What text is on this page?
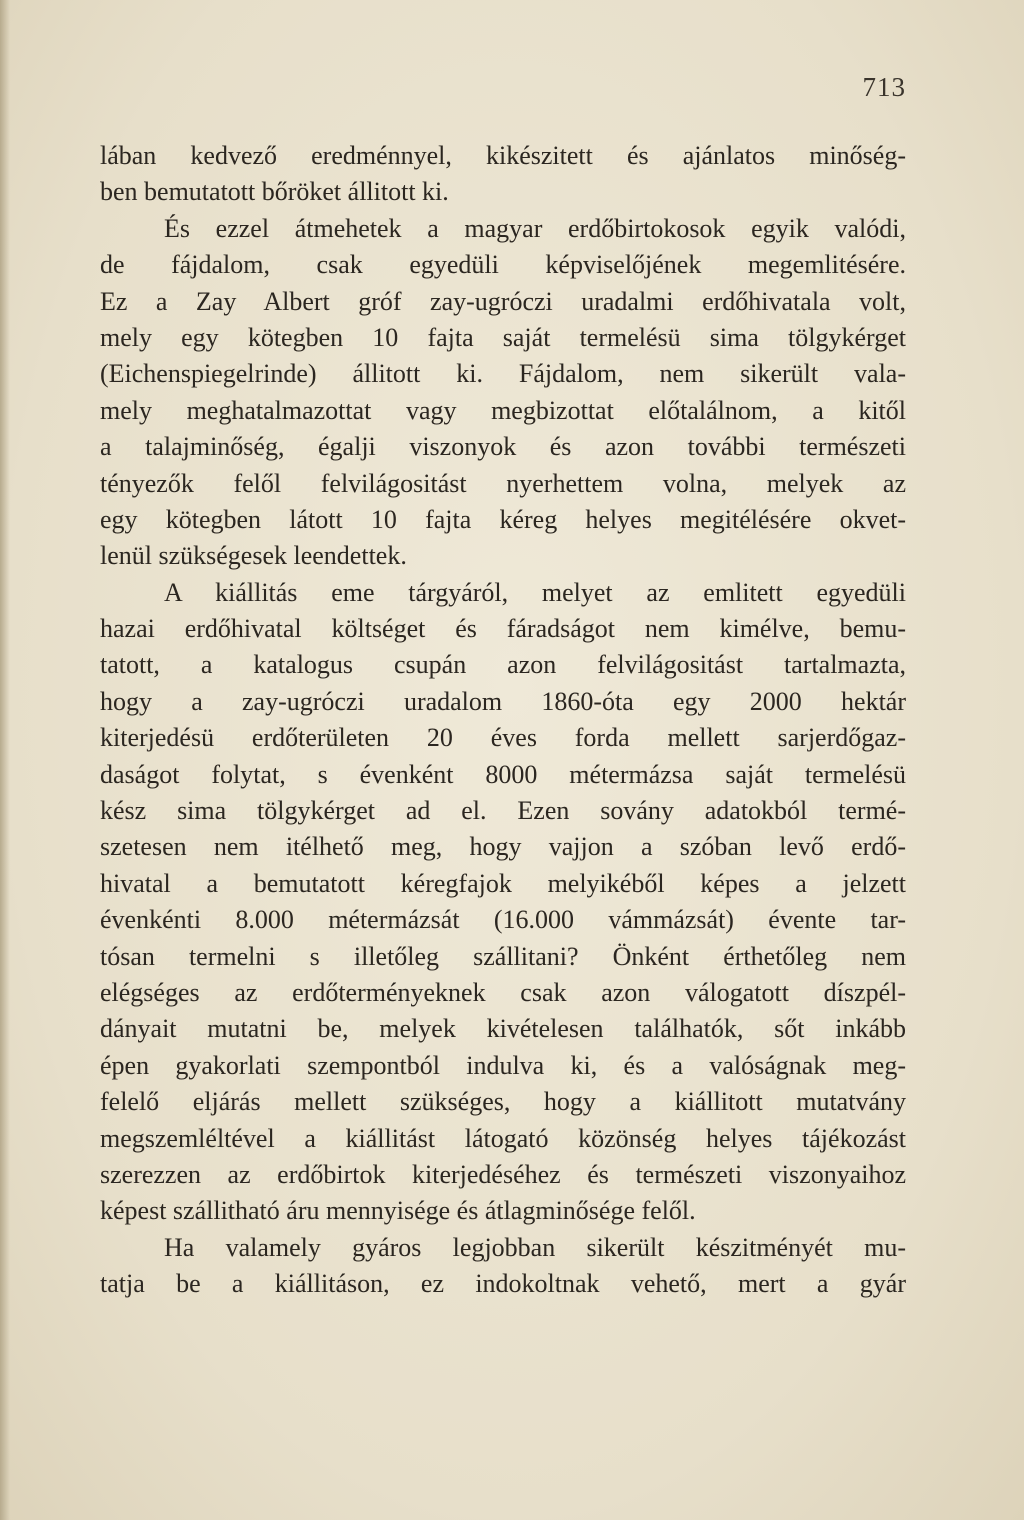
713
lában kedvező eredménnyel, kikészitett és ajánlatos minőség-
ben bemutatott bőröket állitott ki.
És ezzel átmehetek a magyar erdőbirtokosok egyik valódi,
de fájdalom, csak egyedüli képviselőjének megemlitésére.
Ez a Zay Albert gróf zay-ugróczi uradalmi erdőhivatala volt,
mely egy kötegben 10 fajta saját termelésü sima tölgykérget
(Eichenspiegelrinde) állitott ki. Fájdalom, nem sikerült vala-
mely meghatalmazottat vagy megbizottat előtalálnom, a kitől
a talajminőség, égalji viszonyok és azon további természeti
tényezők felől felvilágositást nyerhettem volna, melyek az
egy kötegben látott 10 fajta kéreg helyes megitélésére okvet-
lenül szükségesek leendettek.
A kiállitás eme tárgyáról, melyet az emlitett egyedüli
hazai erdőhivatal költséget és fáradságot nem kimélve, bemu-
tatott, a katalogus csupán azon felvilágositást tartalmazta,
hogy a zay-ugróczi uradalom 1860-óta egy 2000 hektár
kiterjedésü erdőterületen 20 éves forda mellett sarjerdőgaz-
daságot folytat, s évenként 8000 métermázsa saját termelésü
kész sima tölgykérget ad el. Ezen sovány adatokból termé-
szetesen nem itélhető meg, hogy vajjon a szóban levő erdő-
hivatal a bemutatott kéregfajok melyikéből képes a jelzett
évenkénti 8.000 métermázsát (16.000 vámmázsát) évente tar-
tósan termelni s illetőleg szállitani? Önként érthetőleg nem
elégséges az erdőterményeknek csak azon válogatott díszpél-
dányait mutatni be, melyek kivételesen találhatók, sőt inkább
épen gyakorlati szempontból indulva ki, és a valóságnak meg-
felelő eljárás mellett szükséges, hogy a kiállitott mutatvány
megszemléltével a kiállitást látogató közönség helyes tájékozást
szerezzen az erdőbirtok kiterjedéséhez és természeti viszonyaihoz
képest szállitható áru mennyisége és átlagminősége felől.
Ha valamely gyáros legjobban sikerült készitményét mu-
tatja be a kiállitáson, ez indokoltnak vehető, mert a gyár
